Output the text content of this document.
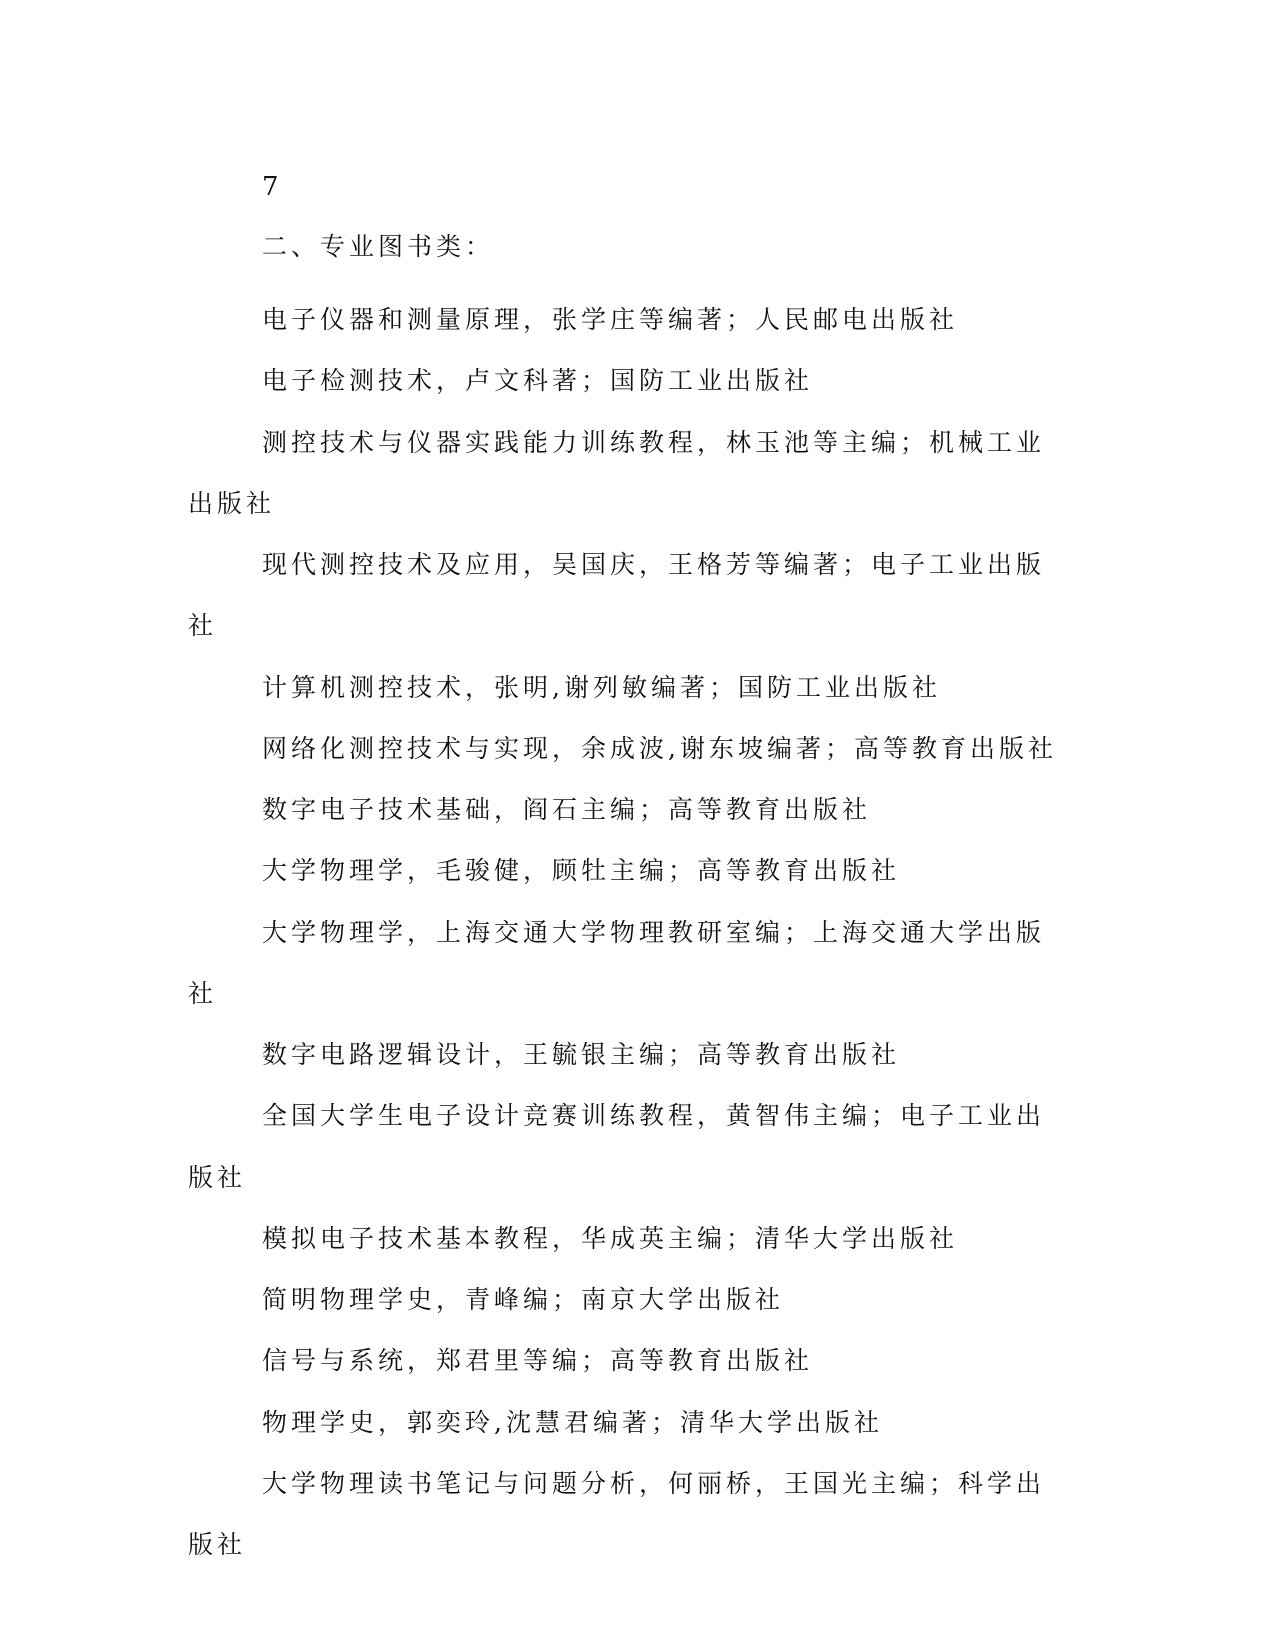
7

二、专业图书类：

电子仪器和测量原理，张学庄等编著；人民邮电出版社
电子检测技术，卢文科著；国防工业出版社
测控技术与仪器实践能力训练教程，林玉池等主编；机械工业出版社
现代测控技术及应用，吴国庆，王格芳等编著；电子工业出版社
计算机测控技术，张明,谢列敏编著；国防工业出版社
网络化测控技术与实现，余成波,谢东坡编著；高等教育出版社
数字电子技术基础，阎石主编；高等教育出版社
大学物理学，毛骏健，顾牡主编；高等教育出版社
大学物理学，上海交通大学物理教研室编；上海交通大学出版社
数字电路逻辑设计，王毓银主编；高等教育出版社
全国大学生电子设计竞赛训练教程，黄智伟主编；电子工业出版社
模拟电子技术基本教程，华成英主编；清华大学出版社
简明物理学史，青峰编；南京大学出版社
信号与系统，郑君里等编；高等教育出版社
物理学史，郭奕玲,沈慧君编著；清华大学出版社
大学物理读书笔记与问题分析，何丽桥，王国光主编；科学出版社
